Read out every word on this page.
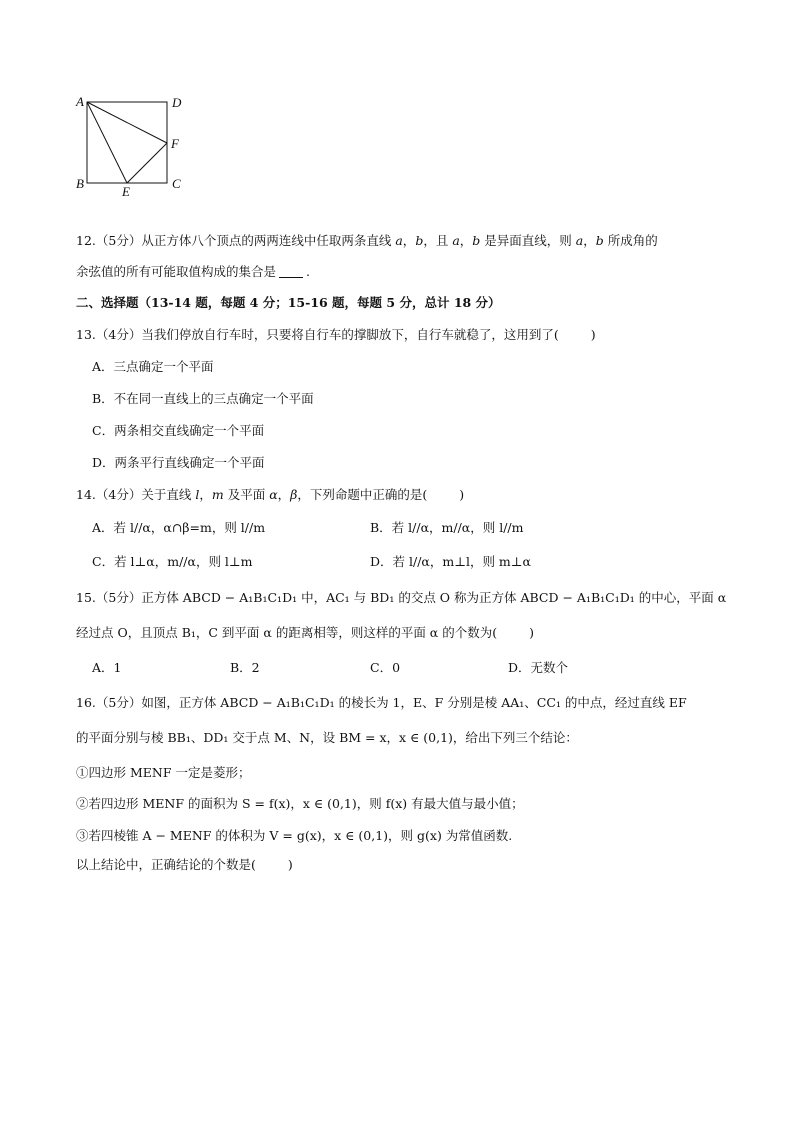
A	D
F
B
E
C
12.（5分）从正方体八个顶点的两两连线中任取两条直线 a，b，且 a，b 是异面直线，则 a，b 所成角的
余弦值的所有可能取值构成的集合是 .
二、选择题（13-14 题，每题 4 分；15-16 题，每题 5 分，总计 18 分）
13.（4分）当我们停放自行车时，只要将自行车的撑脚放下，自行车就稳了，这用到了(	)
A．三点确定一个平面
B．不在同一直线上的三点确定一个平面
C．两条相交直线确定一个平面
D．两条平行直线确定一个平面
14.（4分）关于直线 l，m 及平面 α，β，下列命题中正确的是(	)
A．若 l//α，α∩β=m，则 l//m	B．若 l//α，m//α，则 l//m
C．若 l⊥α，m//α，则 l⊥m	D．若 l//α，m⊥l，则 m⊥α
15.（5分）正方体 ABCD − A₁B₁C₁D₁ 中，AC₁ 与 BD₁ 的交点 O 称为正方体 ABCD − A₁B₁C₁D₁ 的中心，平面 α
经过点 O，且顶点 B₁，C 到平面 α 的距离相等，则这样的平面 α 的个数为(	)
A．1	B．2	C．0	D．无数个
16.（5分）如图，正方体 ABCD − A₁B₁C₁D₁ 的棱长为 1，E、F 分别是棱 AA₁、CC₁ 的中点，经过直线 EF
的平面分别与棱 BB₁、DD₁ 交于点 M、N，设 BM = x，x ∈ (0,1)，给出下列三个结论：
①四边形 MENF 一定是菱形；
②若四边形 MENF 的面积为 S = f(x)，x ∈ (0,1)，则 f(x) 有最大值与最小值；
③若四棱锥 A − MENF 的体积为 V = g(x)，x ∈ (0,1)，则 g(x) 为常值函数.
以上结论中，正确结论的个数是(	)
